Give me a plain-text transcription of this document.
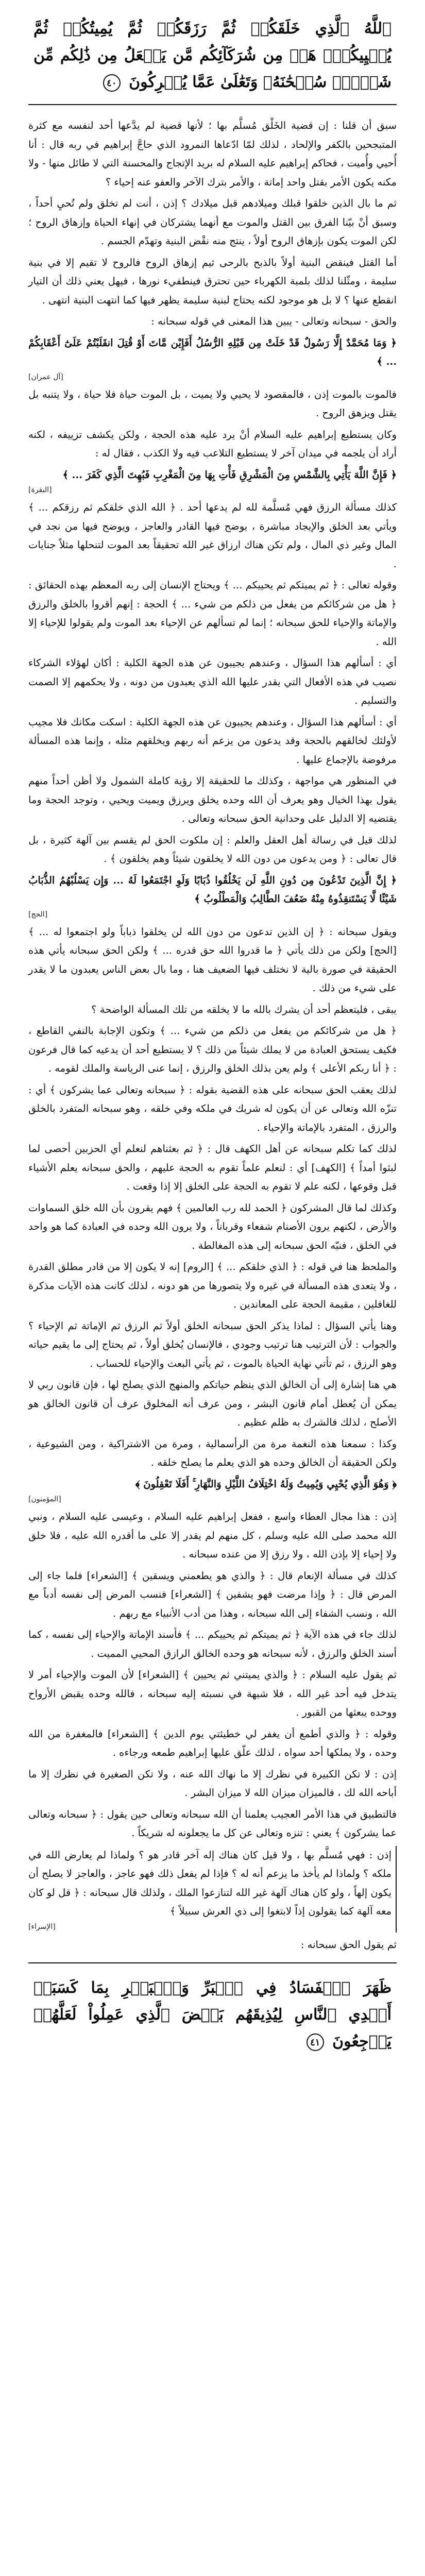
ٱللَّهُ ٱلَّذِي خَلَقَكُمۡ ثُمَّ رَزَقَكُمۡ ثُمَّ يُمِيتُكُمۡ ثُمَّ يُحۡيِيكُمۡۖ هَلۡ مِن شُرَكَآئِكُم مَّن يَفۡعَلُ مِن ذَٰلِكُم مِّن شَيۡءٖۚ سُبۡحَٰنَهُۥ وَتَعَٰلَىٰ عَمَّا يُشۡرِكُونَ ٤٠

سبق أن قلنا : إن قضية الخَلْق مُسلَّم بها ؛ لأنها قضية لم يدَّعها أحد لنفسه مع كثرة المتبجحين بالكفر والإلحاد ، لذلك لمّا ادّعاها النمرود الذي حاجَّ إبراهيم في ربه قال : أنا أُحيي وأُميت ، فحاكم إبراهيم عليه السلام له بريد الإتجاج والمحسنة التي لا طائل منها - ولا مكنه يكون الأمر بقتل واحد إماتة ، والأمر بترك الآخر والعفو عنه إحياء ؟

ثم ما بال الذين خلقوا قبلك وميلادهم قبل ميلادك ؟ إذن ، أنت لم تخلق ولم تُحيِ أحداً ، وسبق أنْ بيّنا الفرق بين القتل والموت مع أنهما يشتركان في إنهاء الحياة وإزهاق الروح ؛ لكن الموت يكون بإزهاق الروح أولاً ، ينتج منه نقْض البنية وتهدّم الجسم .

أما القتل فينقض البنية أولاً بالذبح بالرحى ثيم إزهاق الروح فالروح لا تقيم إلا في بنية سليمة ، ومثّلنا لذلك بلمبة الكهرباء حين تحترق فينطفيء نورها ، فيهل يعني ذلك أن التيار انقطع عنها ؟ لا بل هو موجود لكنه يحتاج لبنية سليمة يظهر فيها كما انتهت البنية انتهى .

والحق - سبحانه وتعالى - يبين هذا المعنى في قوله سبحانه :

﴿ وَمَا مُحَمَّدٌ إِلَّا رَسُولٌ قَدْ خَلَتْ مِن قَبْلِهِ الرُّسُلُ أَفَإِيْن مَّاتَ أَوْ قُتِلَ انقَلَبْتُمْ عَلَىٰٓ أَعْقَابِكُمْ ... ﴾
[آل عمران]

فالموت بالموت إذن ، فالمقصود لا يحيي ولا يميت ، بل الموت حياة فلا حياة ، ولا يتنبه بل يقتل ويزهق الروح .

وكان يستطيع إبراهيم عليه السلام أنْ يرد عليه هذه الحجة ، ولكن يكشف تزييفه ، لكنه أراد أن يلجمه في ميدان آخر لا يستطيع التلاعب فيه ولا الكذب ، فقال له :

﴿ فَإِنَّ اللَّهَ يَأْتِي بِالشَّمْسِ مِنَ الْمَشْرِقِ فَأْتِ بِهَا مِنَ الْمَغْرِبِ فَبُهِتَ الَّذِي كَفَرَ ... ﴾
[البقرة]

كذلك مسألة الرزق فهي مُسلَّمة لله لم يدعها أحد . ﴿ الله الذي خلقكم ثم رزقكم ... ﴾ ويأتي بعد الخلق والإيجاد مباشرة ، يوضح فيها القادر والعاجز ، ويوضح فيها من نجد في المال وغير ذي المال ، ولم تكن هناك ارزاق غير الله تحقيقاً بعد الموت لتنحلها مثلاً جنايات .

وقوله تعالى : ﴿ ثم يميتكم ثم يحييكم ... ﴾ ويحتاج الإنسان إلى ربه المعظم بهذه الحقائق : ﴿ هل من شركائكم من يفعل من ذلكم من شيء ... ﴾ الحجة : إنهم أقروا بالخلق والرزق والإماتة والإحياء للحق سبحانه ؛ إنما لم تسألهم عن الإحياء بعد الموت ولم يقولوا للإحياء إلا الله .

أي : أسألهم هذا السؤال ، وعندهم يجيبون عن هذه الجهة الكلية : أكان لهؤلاء الشركاء نصيب في هذه الأفعال التي يقدر عليها الله الذي يعبدون من دونه ، ولا يحكمهم إلا الصمت والتسليم .

أي : أسألهم هذا السؤال ، وعندهم يجيبون عن هذه الجهة الكلية : اسكت مكانك فلا مجيب لأولئك لخالقهم بالحجة وقد يدعون من يزعم أنه ربهم ويخلقهم مثله ، وإنما هذه المسألة مرفوضة بالإجماع عليها .

في المنظور هي مواجهة ، وكذلك ما للحقيقة إلا رؤية كاملة الشمول ولا أظن أحداً منهم يقول بهذا الخيال وهو يعرف أن الله وحده يخلق ويرزق ويميت ويحيي ، وتوجد الحجة وما يقتضيه إلا الدليل على وحدانية الحق سبحانه وتعالى .

لذلك قيل في رسالة أهل العقل والعلم : إن ملكوت الحق لم يقسم بين آلهة كثيرة ، بل قال تعالى : ﴿ ومن يدعون من دون الله لا يخلقون شيئاً وهم يخلقون ﴾ .

﴿ إِنَّ الَّذِينَ تَدْعُونَ مِن دُونِ اللَّهِ لَن يَخْلُقُوا ذُبَابًا وَلَوِ اجْتَمَعُوا لَهُ ... وَإِن يَسْلُبْهُمُ الذُّبَابُ شَيْئًا لَّا يَسْتَنقِذُوهُ مِنْهُ ضَعُفَ الطَّالِبُ وَالْمَطْلُوبُ ﴾
[الحج]

ويقول سبحانه : ﴿ إن الذين تدعون من دون الله لن يخلقوا ذباباً ولو اجتمعوا له ... ﴾ [الحج] ولكن من ذلك يأتي ﴿ ما قدروا الله حق قدره ... ﴾ ولكن الحق سبحانه يأتي هذه الحقيقة في صورة بالية لا نختلف فيها الضعيف هنا ، وما بال بعض الناس يعبدون ما لا يقدر على شيء من ذلك .

يبقى ، فليتعظم أحد أن يشرك بالله ما لا يخلقه من تلك المسألة الواضحة ؟

﴿ هل من شركائكم من يفعل من ذلكم من شيء ... ﴾ وتكون الإجابة بالنفي القاطع ، فكيف يستحق العبادة من لا يملك شيئاً من ذلك ؟ لا يستطيع أحد أن يدعيه كما قال فرعون : ﴿ أنا ربكم الأعلى ﴾ ولم يعن بذلك الخلق والرزق ، إنما عنى الرياسة والملك لقومه .

لذلك يعقب الحق سبحانه على هذه القضية بقوله : ﴿ سبحانه وتعالى عما يشركون ﴾ أي : تنزّه الله وتعالى عن أن يكون له شريك في ملكه وفي خلقه ، وهو سبحانه المتفرد بالخلق والرزق ، المتفرد بالإماتة والإحياء .

لذلك كما تكلم سبحانه عن أهل الكهف قال : ﴿ ثم بعثناهم لنعلم أي الحزبين أحصى لما لبثوا أمداً ﴾ [الكهف] أي : لنعلم علماً تقوم به الحجة عليهم ، والحق سبحانه يعلم الأشياء قبل وقوعها ، لكنه علم لا تقوم به الحجة على الخلق إلا إذا وقعت .

وكذلك لما قال المشركون ﴿ الحمد لله رب العالمين ﴾ فهم يقرون بأن الله خلق السماوات والأرض ، لكنهم يرون الأصنام شفعاء وقرباناً ، ولا يرون الله وحده في العبادة كما هو واحد في الخلق ، فنبّه الحق سبحانه إلى هذه المغالطة .

والملحظ هنا في قوله : ﴿ الذي خلقكم ... ﴾ [الروم] إنه لا يكون إلا من قادر مطلق القدرة ، ولا يتعدى هذه المسألة في غيره ولا يتصورها من هو دونه ، لذلك كانت هذه الآيات مذكرة للغافلين ، مقيمة الحجة على المعاندين .

وهنا يأتي السؤال : لماذا يذكر الحق سبحانه الخلق أولاً ثم الرزق ثم الإماتة ثم الإحياء ؟ والجواب : لأن الترتيب هنا ترتيب وجودي ، فالإنسان يُخلق أولاً ، ثم يحتاج إلى ما يقيم حياته وهو الرزق ، ثم تأتي نهاية الحياة بالموت ، ثم يأتي البعث والإحياء للحساب .

هي هنا إشارة إلى أن الخالق الذي ينظم حياتكم والمنهج الذي يصلح لها ، فإن قانون ربي لا يمكن أن يُعطل أمام قانون البشر ، ومن عرف أنه المخلوق عرف أن قانون الخالق هو الأصلح ، لذلك فالشرك به ظلم عظيم .

وكذا : سمعنا هذه النغمة مرة من الرأسمالية ، ومرة من الاشتراكية ، ومن الشيوعية ، ولكن الحقيقة أن الخالق وحده هو الذي يعلم ما يصلح خلقه .

﴿ وَهُوَ الَّذِي يُحْيِي وَيُمِيتُ وَلَهُ اخْتِلَافُ اللَّيْلِ وَالنَّهَارِ ۚ أَفَلَا تَعْقِلُونَ ﴾
[المؤمنون]

إذن : هذا مجال العطاء واسع ، ففعل إبراهيم عليه السلام ، وعيسى عليه السلام ، ونبي الله محمد صلى الله عليه وسلم ، كل منهم لم يقدر إلا على ما أقدره الله عليه ، فلا خلق ولا إحياء إلا بإذن الله ، ولا رزق إلا من عنده سبحانه .

كذلك في مسألة الإنعام قال : ﴿ والذي هو يطعمني ويسقين ﴾ [الشعراء] فلما جاء إلى المرض قال : ﴿ وإذا مرضت فهو يشفين ﴾ [الشعراء] فنسب المرض إلى نفسه أدباً مع الله ، ونسب الشفاء إلى الله سبحانه ، وهذا من أدب الأنبياء مع ربهم .

لذلك جاء في هذه الآية ﴿ ثم يميتكم ثم يحييكم ... ﴾ فأسند الإماتة والإحياء إلى نفسه ، كما أسند الخلق والرزق ، لأنه سبحانه هو وحده الخالق الرازق المحيي المميت .

ثم يقول عليه السلام : ﴿ والذي يميتني ثم يحيين ﴾ [الشعراء] لأن الموت والإحياء أمر لا يتدخل فيه أحد غير الله ، فلا شبهة في نسبته إليه سبحانه ، فالله وحده يقبض الأرواح ووحده يبعثها من القبور .

وقوله : ﴿ والذي أطمع أن يغفر لي خطيئتي يوم الدين ﴾ [الشعراء] فالمغفرة من الله وحده ، ولا يملكها أحد سواه ، لذلك علّق عليها إبراهيم طمعه ورجاءه .

إذن : لا تكن الكبيرة في نظرك إلا ما نهاك الله عنه ، ولا تكن الصغيرة في نظرك إلا ما أباحه الله لك ، فالميزان ميزان الله لا ميزان البشر .

فالتطبيق في هذا الأمر العجيب يعلمنا أن الله سبحانه وتعالى حين يقول : ﴿ سبحانه وتعالى عما يشركون ﴾ يعني : تنزه وتعالى عن كل ما يجعلونه له شريكاً .

إذن : فهي مُسلَّم بها ، ولا قيل كان هناك إله آخر قادر هو ؟ ولماذا لم يعارض الله في ملكه ؟ ولماذا لم يأخذ ما يزعم أنه له ؟ فإذا لم يفعل ذلك فهو عاجز ، والعاجز لا يصلح أن يكون إلهاً ، ولو كان هناك آلهة غير الله لتنازعوا الملك ، ولذلك قال سبحانه : ﴿ قل لو كان معه آلهة كما يقولون إذاً لابتغوا إلى ذي العرش سبيلاً ﴾
[الإسراء]

ثم يقول الحق سبحانه :

ظَهَرَ ٱلۡفَسَادُ فِي ٱلۡبَرِّ وَٱلۡبَحۡرِ بِمَا كَسَبَتۡ أَيۡدِي ٱلنَّاسِ لِيُذِيقَهُم بَعۡضَ ٱلَّذِي عَمِلُواْ لَعَلَّهُمۡ يَرۡجِعُونَ ٤١
